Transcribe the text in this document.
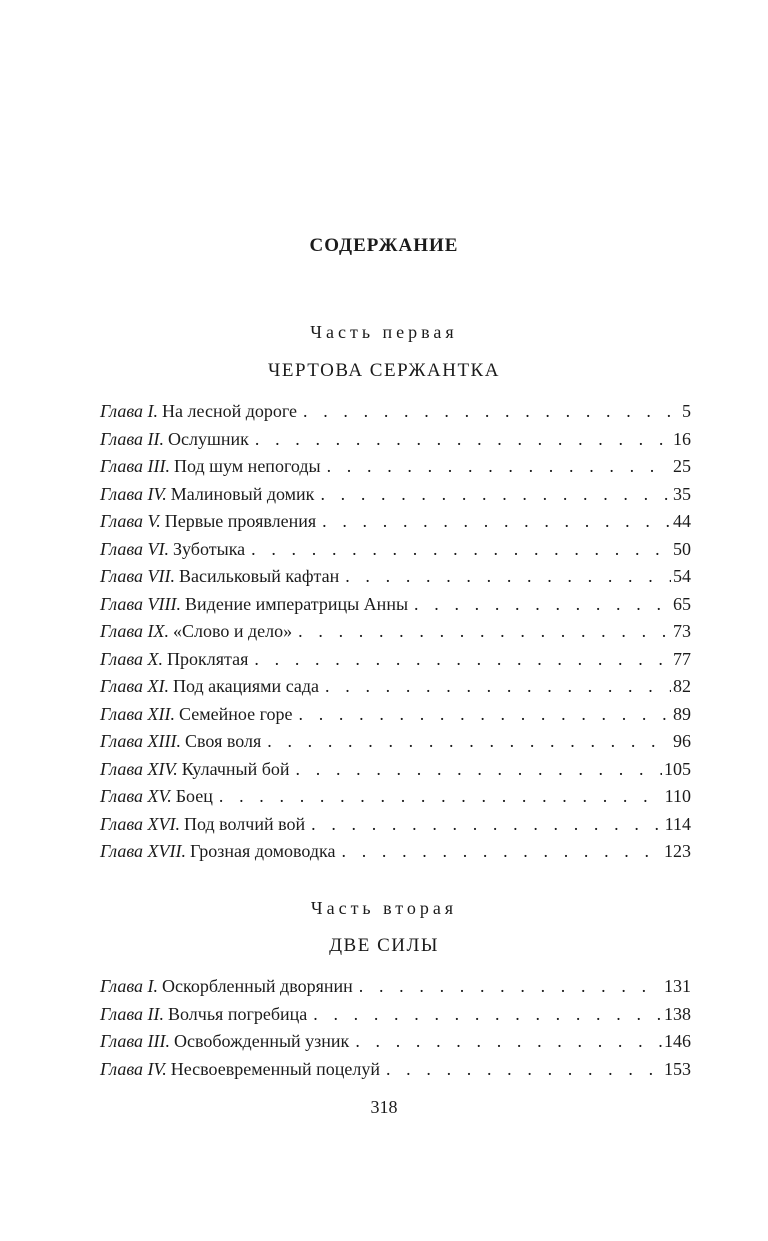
СОДЕРЖАНИЕ
Часть первая
ЧЕРТОВА СЕРЖАНТКА
Глава I. На лесной дороге . . .	5
Глава II. Ослушник . . .	16
Глава III. Под шум непогоды . . .	25
Глава IV. Малиновый домик . . .	35
Глава V. Первые проявления . . .	44
Глава VI. Зуботыка . . .	50
Глава VII. Васильковый кафтан . . .	54
Глава VIII. Видение императрицы Анны . . .	65
Глава IX. «Слово и дело» . . .	73
Глава X. Проклятая . . .	77
Глава XI. Под акациями сада . . .	82
Глава XII. Семейное горе . . .	89
Глава XIII. Своя воля . . .	96
Глава XIV. Кулачный бой . . .	105
Глава XV. Боец . . .	110
Глава XVI. Под волчий вой . . .	114
Глава XVII. Грозная домоводка . . .	123
Часть вторая
ДВЕ СИЛЫ
Глава I. Оскорбленный дворянин . . .	131
Глава II. Волчья погребица . . .	138
Глава III. Освобожденный узник . . .	146
Глава IV. Несвоевременный поцелуй . . .	153
318
